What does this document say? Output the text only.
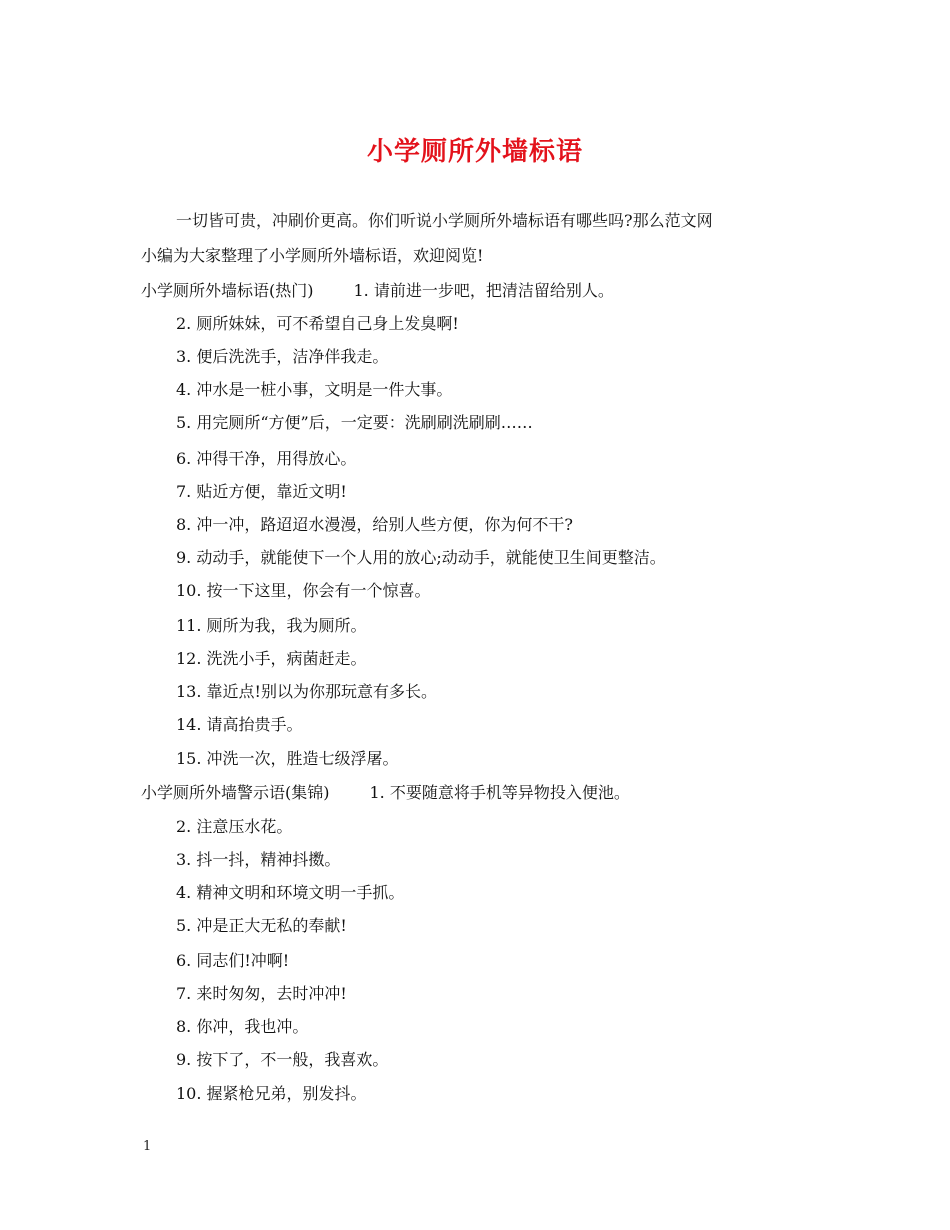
小学厕所外墙标语
一切皆可贵，冲刷价更高。你们听说小学厕所外墙标语有哪些吗?那么范文网
小编为大家整理了小学厕所外墙标语，欢迎阅览!
小学厕所外墙标语(热门)	1. 请前进一步吧，把清洁留给别人。
2. 厕所妹妹，可不希望自己身上发臭啊!
3. 便后洗洗手，洁净伴我走。
4. 冲水是一桩小事，文明是一件大事。
5. 用完厕所“方便”后，一定要：洗刷刷洗刷刷……
6. 冲得干净，用得放心。
7. 贴近方便，靠近文明!
8. 冲一冲，路迢迢水漫漫，给别人些方便，你为何不干?
9. 动动手，就能使下一个人用的放心;动动手，就能使卫生间更整洁。
10. 按一下这里，你会有一个惊喜。
11. 厕所为我，我为厕所。
12. 洗洗小手，病菌赶走。
13. 靠近点!别以为你那玩意有多长。
14. 请高抬贵手。
15. 冲洗一次，胜造七级浮屠。
小学厕所外墙警示语(集锦)	1. 不要随意将手机等异物投入便池。
2. 注意压水花。
3. 抖一抖，精神抖擞。
4. 精神文明和环境文明一手抓。
5. 冲是正大无私的奉献!
6. 同志们!冲啊!
7. 来时匆匆，去时冲冲!
8. 你冲，我也冲。
9. 按下了，不一般，我喜欢。
10. 握紧枪兄弟，别发抖。
1
